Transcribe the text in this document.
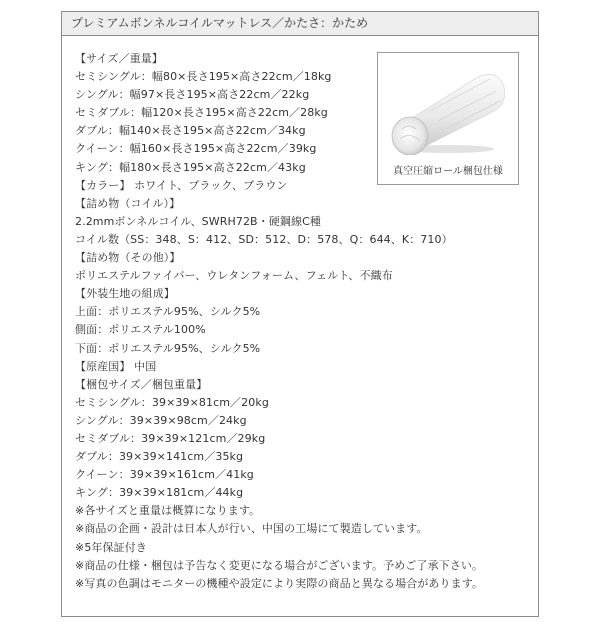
プレミアムボンネルコイルマットレス／かたさ：かため
【サイズ／重量】
セミシングル：幅80×長さ195×高さ22cm／18kg
シングル：幅97×長さ195×高さ22cm／22kg
セミダブル：幅120×長さ195×高さ22cm／28kg
ダブル：幅140×長さ195×高さ22cm／34kg
クイーン：幅160×長さ195×高さ22cm／39kg
キング：幅180×長さ195×高さ22cm／43kg
【カラー】 ホワイト、ブラック、ブラウン
【詰め物（コイル）】
2.2mmボンネルコイル、SWRH72B・硬鋼線C種
コイル数（SS：348、S：412、SD：512、D：578、Q：644、K：710）
【詰め物（その他）】
ポリエステルファイバー、ウレタンフォーム、フェルト、不織布
【外装生地の組成】
上面：ポリエステル95%、シルク5%
側面：ポリエステル100%
下面：ポリエステル95%、シルク5%
【原産国】 中国
【梱包サイズ／梱包重量】
セミシングル：39×39×81cm／20kg
シングル：39×39×98cm／24kg
セミダブル：39×39×121cm／29kg
ダブル：39×39×141cm／35kg
クイーン：39×39×161cm／41kg
キング：39×39×181cm／44kg
※各サイズと重量は概算になります。
※商品の企画・設計は日本人が行い、中国の工場にて製造しています。
※5年保証付き
※商品の仕様・梱包は予告なく変更になる場合がございます。予めご了承下さい。
※写真の色調はモニターの機種や設定により実際の商品と異なる場合があります。
真空圧縮ロール梱包仕様
